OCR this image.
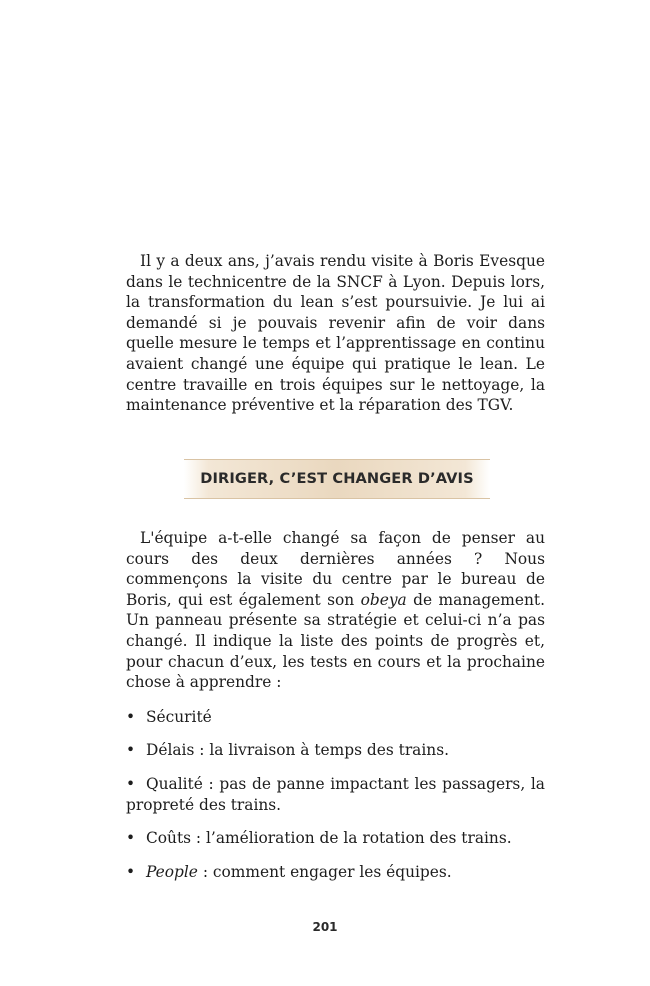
Il y a deux ans, j’avais rendu visite à Boris Evesque dans le technicentre de la SNCF à Lyon. Depuis lors, la transformation du lean s’est poursuivie. Je lui ai demandé si je pouvais revenir afin de voir dans quelle mesure le temps et l’apprentissage en continu avaient changé une équipe qui pratique le lean. Le centre travaille en trois équipes sur le nettoyage, la maintenance préventive et la réparation des TGV.

DIRIGER, C’EST CHANGER D’AVIS

L'équipe a-t-elle changé sa façon de penser au cours des deux dernières années ? Nous commençons la visite du centre par le bureau de Boris, qui est également son obeya de management. Un panneau présente sa stratégie et celui-ci n’a pas changé. Il indique la liste des points de progrès et, pour chacun d’eux, les tests en cours et la prochaine chose à apprendre :

• Sécurité
• Délais : la livraison à temps des trains.
• Qualité : pas de panne impactant les passagers, la propreté des trains.
• Coûts : l’amélioration de la rotation des trains.
• People : comment engager les équipes.
201
